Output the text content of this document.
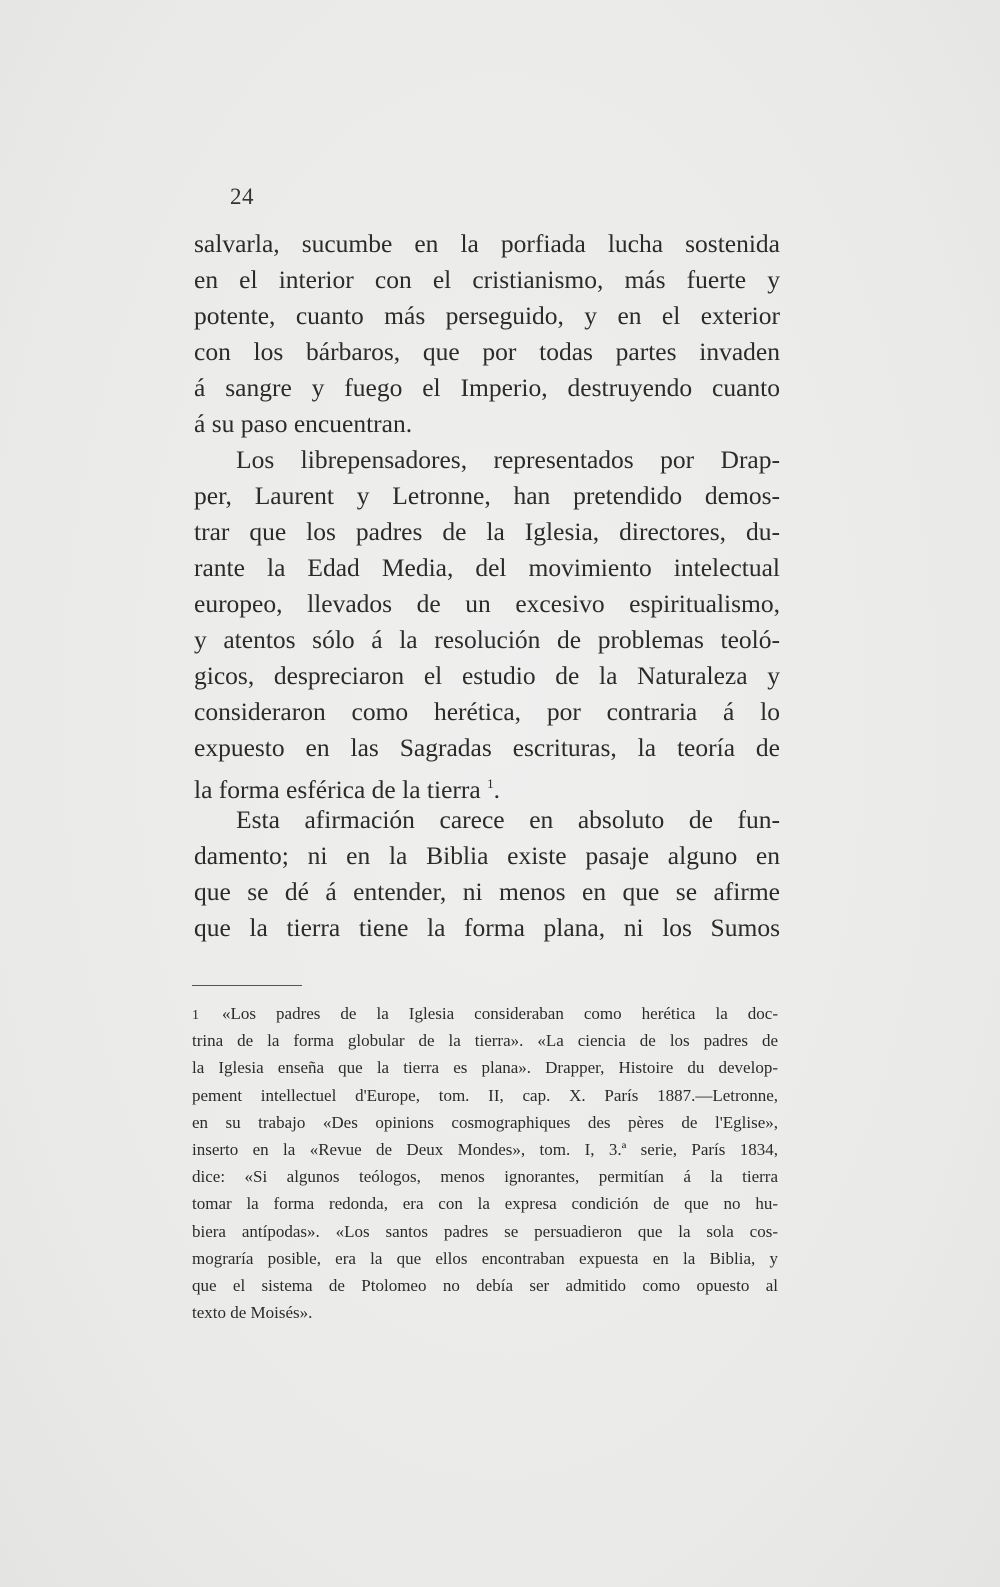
24
salvarla, sucumbe en la porfiada lucha sostenida
en el interior con el cristianismo, más fuerte y
potente, cuanto más perseguido, y en el exterior
con los bárbaros, que por todas partes invaden
á sangre y fuego el Imperio, destruyendo cuanto
á su paso encuentran.
Los librepensadores, representados por Drap-
per, Laurent y Letronne, han pretendido demos-
trar que los padres de la Iglesia, directores, du-
rante la Edad Media, del movimiento intelectual
europeo, llevados de un excesivo espiritualismo,
y atentos sólo á la resolución de problemas teoló-
gicos, despreciaron el estudio de la Naturaleza y
consideraron como herética, por contraria á lo
expuesto en las Sagradas escrituras, la teoría de
la forma esférica de la tierra $^1$.
Esta afirmación carece en absoluto de fun-
damento; ni en la Biblia existe pasaje alguno en
que se dé á entender, ni menos en que se afirme
que la tierra tiene la forma plana, ni los Sumos
1 «Los padres de la Iglesia consideraban como herética la doc-
trina de la forma globular de la tierra». «La ciencia de los padres de
la Iglesia enseña que la tierra es plana». Drapper, Histoire du develop-
pement intellectuel d'Europe, tom. II, cap. X. París 1887.—Letronne,
en su trabajo «Des opinions cosmographiques des pères de l'Eglise»,
inserto en la «Revue de Deux Mondes», tom. I, 3.ª serie, París 1834,
dice: «Si algunos teólogos, menos ignorantes, permitían á la tierra
tomar la forma redonda, era con la expresa condición de que no hu-
biera antípodas». «Los santos padres se persuadieron que la sola cos-
mograría posible, era la que ellos encontraban expuesta en la Biblia, y
que el sistema de Ptolomeo no debía ser admitido como opuesto al
texto de Moisés».
